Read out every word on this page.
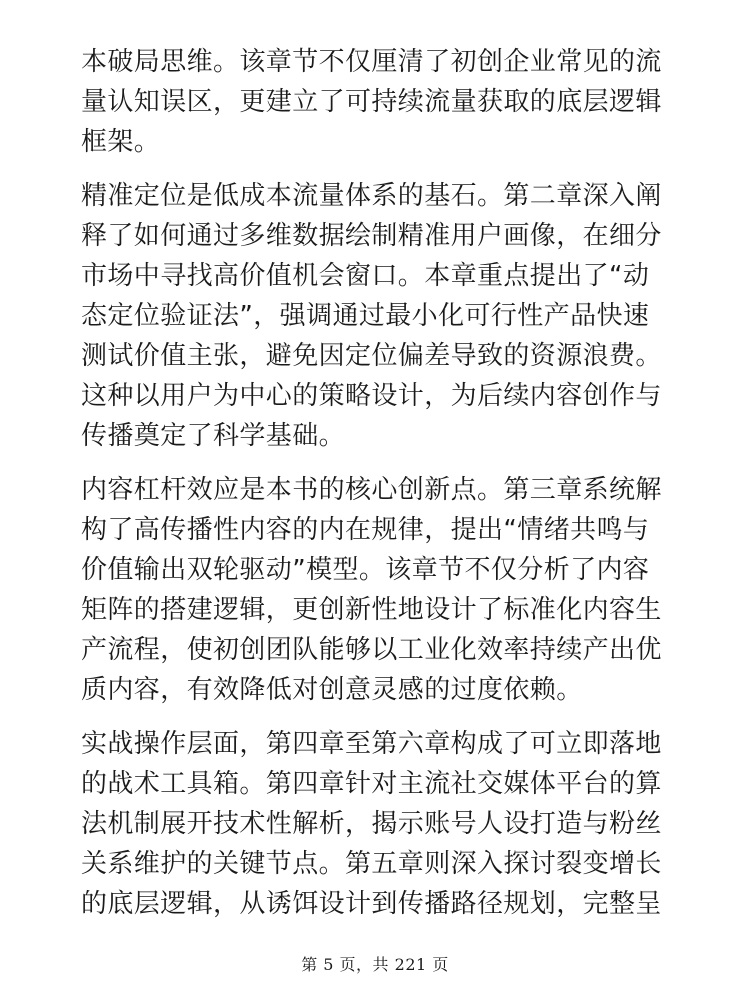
本破局思维。该章节不仅厘清了初创企业常见的流
量认知误区，更建立了可持续流量获取的底层逻辑
框架。

精准定位是低成本流量体系的基石。第二章深入阐
释了如何通过多维数据绘制精准用户画像，在细分
市场中寻找高价值机会窗口。本章重点提出了“动
态定位验证法”，强调通过最小化可行性产品快速
测试价值主张，避免因定位偏差导致的资源浪费。
这种以用户为中心的策略设计，为后续内容创作与
传播奠定了科学基础。

内容杠杆效应是本书的核心创新点。第三章系统解
构了高传播性内容的内在规律，提出“情绪共鸣与
价值输出双轮驱动”模型。该章节不仅分析了内容
矩阵的搭建逻辑，更创新性地设计了标准化内容生
产流程，使初创团队能够以工业化效率持续产出优
质内容，有效降低对创意灵感的过度依赖。

实战操作层面，第四章至第六章构成了可立即落地
的战术工具箱。第四章针对主流社交媒体平台的算
法机制展开技术性解析，揭示账号人设打造与粉丝
关系维护的关键节点。第五章则深入探讨裂变增长
的底层逻辑，从诱饵设计到传播路径规划，完整呈

第 5 页，共 221 页
